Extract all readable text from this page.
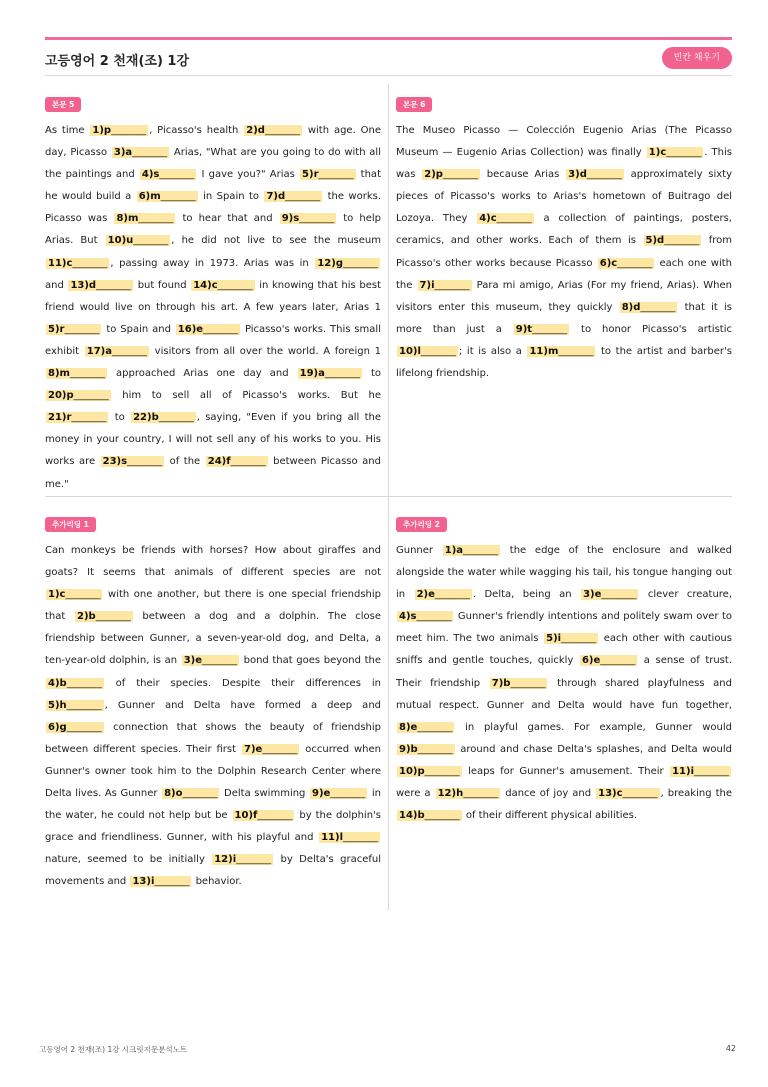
고등영어 2 천재(조) 1강	빈칸 채우기
본문 5

As time 1)p_______ , Picasso's health 2)d_______ with age. One day, Picasso 3)a_______ Arias, "What are you going to do with all the paintings and 4)s_______ I gave you?" Arias 5)r_______ that he would build a 6)m_______ in Spain to 7)d_______ the works. Picasso was 8)m_______ to hear that and 9)s_______ to help Arias. But 10)u_______ , he did not live to see the museum 11)c_______ , passing away in 1973. Arias was in 12)g_______ and 13)d_______ but found 14)c_______ in knowing that his best friend would live on through his art. A few years later, Arias 1 5)r_______ to Spain and 16)e_______ Picasso's works. This small exhibit 17)a_______ visitors from all over the world. A foreign 1 8)m_______ approached Arias one day and 19)a_______ to 20)p_______ him to sell all of Picasso's works. But he 21)r_______ to 22)b_______ , saying, "Even if you bring all the money in your country, I will not sell any of his works to you. His works are 23)s_______ of the 24)f_______ between Picasso and me."

본문 6

The Museo Picasso — Colección Eugenio Arias (The Picasso Museum — Eugenio Arias Collection) was finally 1)c_______ . This was 2)p_______ because Arias 3)d_______ approximately sixty pieces of Picasso's works to Arias's hometown of Buitrago del Lozoya. They 4)c_______ a collection of paintings, posters, ceramics, and other works. Each of them is 5)d_______ from Picasso's other works because Picasso 6)c_______ each one with the 7)i_______ Para mi amigo, Arias (For my friend, Arias). When visitors enter this museum, they quickly 8)d_______ that it is more than just a 9)t_______ to honor Picasso's artistic 10)l_______ ; it is also a 11)m_______ to the artist and barber's lifelong friendship.

추가리딩 1

Can monkeys be friends with horses? How about giraffes and goats? It seems that animals of different species are not 1)c_______ with one another, but there is one special friendship that 2)b_______ between a dog and a dolphin. The close friendship between Gunner, a seven-year-old dog, and Delta, a ten-year-old dolphin, is an 3)e_______ bond that goes beyond the 4)b_______ of their species. Despite their differences in 5)h_______ , Gunner and Delta have formed a deep and 6)g_______ connection that shows the beauty of friendship between different species. Their first 7)e_______ occurred when Gunner's owner took him to the Dolphin Research Center where Delta lives. As Gunner 8)o_______ Delta swimming 9)e_______ in the water, he could not help but be 10)f_______ by the dolphin's grace and friendliness. Gunner, with his playful and 11)l_______ nature, seemed to be initially 12)i_______ by Delta's graceful movements and 13)i_______ behavior.

추가리딩 2

Gunner 1)a_______ the edge of the enclosure and walked alongside the water while wagging his tail, his tongue hanging out in 2)e_______ . Delta, being an 3)e_______ clever creature, 4)s_______ Gunner's friendly intentions and politely swam over to meet him. The two animals 5)i_______ each other with cautious sniffs and gentle touches, quickly 6)e_______ a sense of trust. Their friendship 7)b_______ through shared playfulness and mutual respect. Gunner and Delta would have fun together, 8)e_______ in playful games. For example, Gunner would 9)b_______ around and chase Delta's splashes, and Delta would 10)p_______ leaps for Gunner's amusement. Their 11)i_______ were a 12)h_______ dance of joy and 13)c_______ , breaking the 14)b_______ of their different physical abilities.

고등영어 2 천재(조) 1강 시크릿지문분석노트	42
